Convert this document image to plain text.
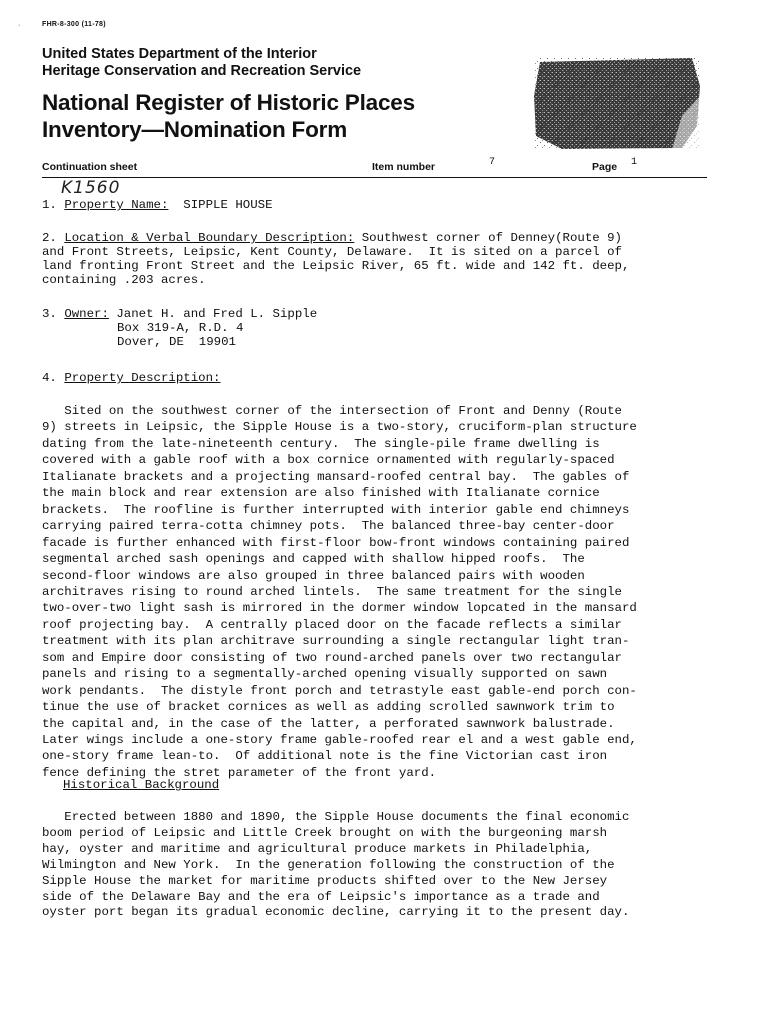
·	FHR-8-300 (11-78)
United States Department of the Interior
Heritage Conservation and Recreation Service
National Register of Historic Places
Inventory—Nomination Form
Continuation sheet	Item number	7	Page 1
K1560
1. Property Name: SIPPLE HOUSE
2. Location & Verbal Boundary Description: Southwest corner of Denney(Route 9)
and Front Streets, Leipsic, Kent County, Delaware.  It is sited on a parcel of
land fronting Front Street and the Leipsic River, 65 ft. wide and 142 ft. deep,
containing .203 acres.
3. Owner: Janet H. and Fred L. Sipple
Box 319-A, R.D. 4
Dover, DE  19901
4. Property Description:
Sited on the southwest corner of the intersection of Front and Denny (Route
9) streets in Leipsic, the Sipple House is a two-story, cruciform-plan structure
dating from the late-nineteenth century.  The single-pile frame dwelling is
covered with a gable roof with a box cornice ornamented with regularly-spaced
Italianate brackets and a projecting mansard-roofed central bay.  The gables of
the main block and rear extension are also finished with Italianate cornice
brackets.  The roofline is further interrupted with interior gable end chimneys
carrying paired terra-cotta chimney pots.  The balanced three-bay center-door
facade is further enhanced with first-floor bow-front windows containing paired
segmental arched sash openings and capped with shallow hipped roofs.  The
second-floor windows are also grouped in three balanced pairs with wooden
architraves rising to round arched lintels.  The same treatment for the single
two-over-two light sash is mirrored in the dormer window lopcated in the mansard
roof projecting bay.  A centrally placed door on the facade reflects a similar
treatment with its plan architrave surrounding a single rectangular light tran-
som and Empire door consisting of two round-arched panels over two rectangular
panels and rising to a segmentally-arched opening visually supported on sawn
work pendants.  The distyle front porch and tetrastyle east gable-end porch con-
tinue the use of bracket cornices as well as adding scrolled sawnwork trim to
the capital and, in the case of the latter, a perforated sawnwork balustrade.
Later wings include a one-story frame gable-roofed rear el and a west gable end,
one-story frame lean-to.  Of additional note is the fine Victorian cast iron
fence defining the stret parameter of the front yard.
Historical Background
Erected between 1880 and 1890, the Sipple House documents the final economic
boom period of Leipsic and Little Creek brought on with the burgeoning marsh
hay, oyster and maritime and agricultural produce markets in Philadelphia,
Wilmington and New York.  In the generation following the construction of the
Sipple House the market for maritime products shifted over to the New Jersey
side of the Delaware Bay and the era of Leipsic's importance as a trade and
oyster port began its gradual economic decline, carrying it to the present day.
